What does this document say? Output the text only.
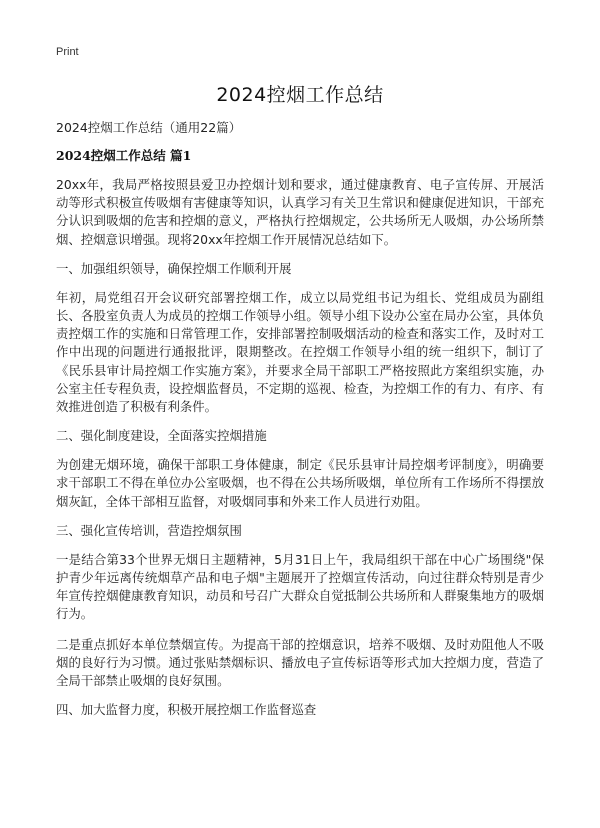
Print
2024控烟工作总结

2024控烟工作总结（通用22篇）

2024控烟工作总结 篇1

20xx年，我局严格按照县爱卫办控烟计划和要求，通过健康教育、电子宣传屏、开展活动等形式积极宣传吸烟有害健康等知识，认真学习有关卫生常识和健康促进知识，干部充分认识到吸烟的危害和控烟的意义，严格执行控烟规定，公共场所无人吸烟，办公场所禁烟、控烟意识增强。现将20xx年控烟工作开展情况总结如下。

一、加强组织领导，确保控烟工作顺利开展

年初，局党组召开会议研究部署控烟工作，成立以局党组书记为组长、党组成员为副组长、各股室负责人为成员的控烟工作领导小组。领导小组下设办公室在局办公室，具体负责控烟工作的实施和日常管理工作，安排部署控制吸烟活动的检查和落实工作，及时对工作中出现的问题进行通报批评，限期整改。在控烟工作领导小组的统一组织下，制订了《民乐县审计局控烟工作实施方案》，并要求全局干部职工严格按照此方案组织实施，办公室主任专程负责，设控烟监督员，不定期的巡视、检查，为控烟工作的有力、有序、有效推进创造了积极有利条件。

二、强化制度建设，全面落实控烟措施

为创建无烟环境，确保干部职工身体健康，制定《民乐县审计局控烟考评制度》，明确要求干部职工不得在单位办公室吸烟，也不得在公共场所吸烟，单位所有工作场所不得摆放烟灰缸，全体干部相互监督，对吸烟同事和外来工作人员进行劝阻。

三、强化宣传培训，营造控烟氛围

一是结合第33个世界无烟日主题精神，5月31日上午，我局组织干部在中心广场围绕"保护青少年远离传统烟草产品和电子烟"主题展开了控烟宣传活动，向过往群众特别是青少年宣传控烟健康教育知识，动员和号召广大群众自觉抵制公共场所和人群聚集地方的吸烟行为。

二是重点抓好本单位禁烟宣传。为提高干部的控烟意识，培养不吸烟、及时劝阻他人不吸烟的良好行为习惯。通过张贴禁烟标识、播放电子宣传标语等形式加大控烟力度，营造了全局干部禁止吸烟的良好氛围。

四、加大监督力度，积极开展控烟工作监督巡查
